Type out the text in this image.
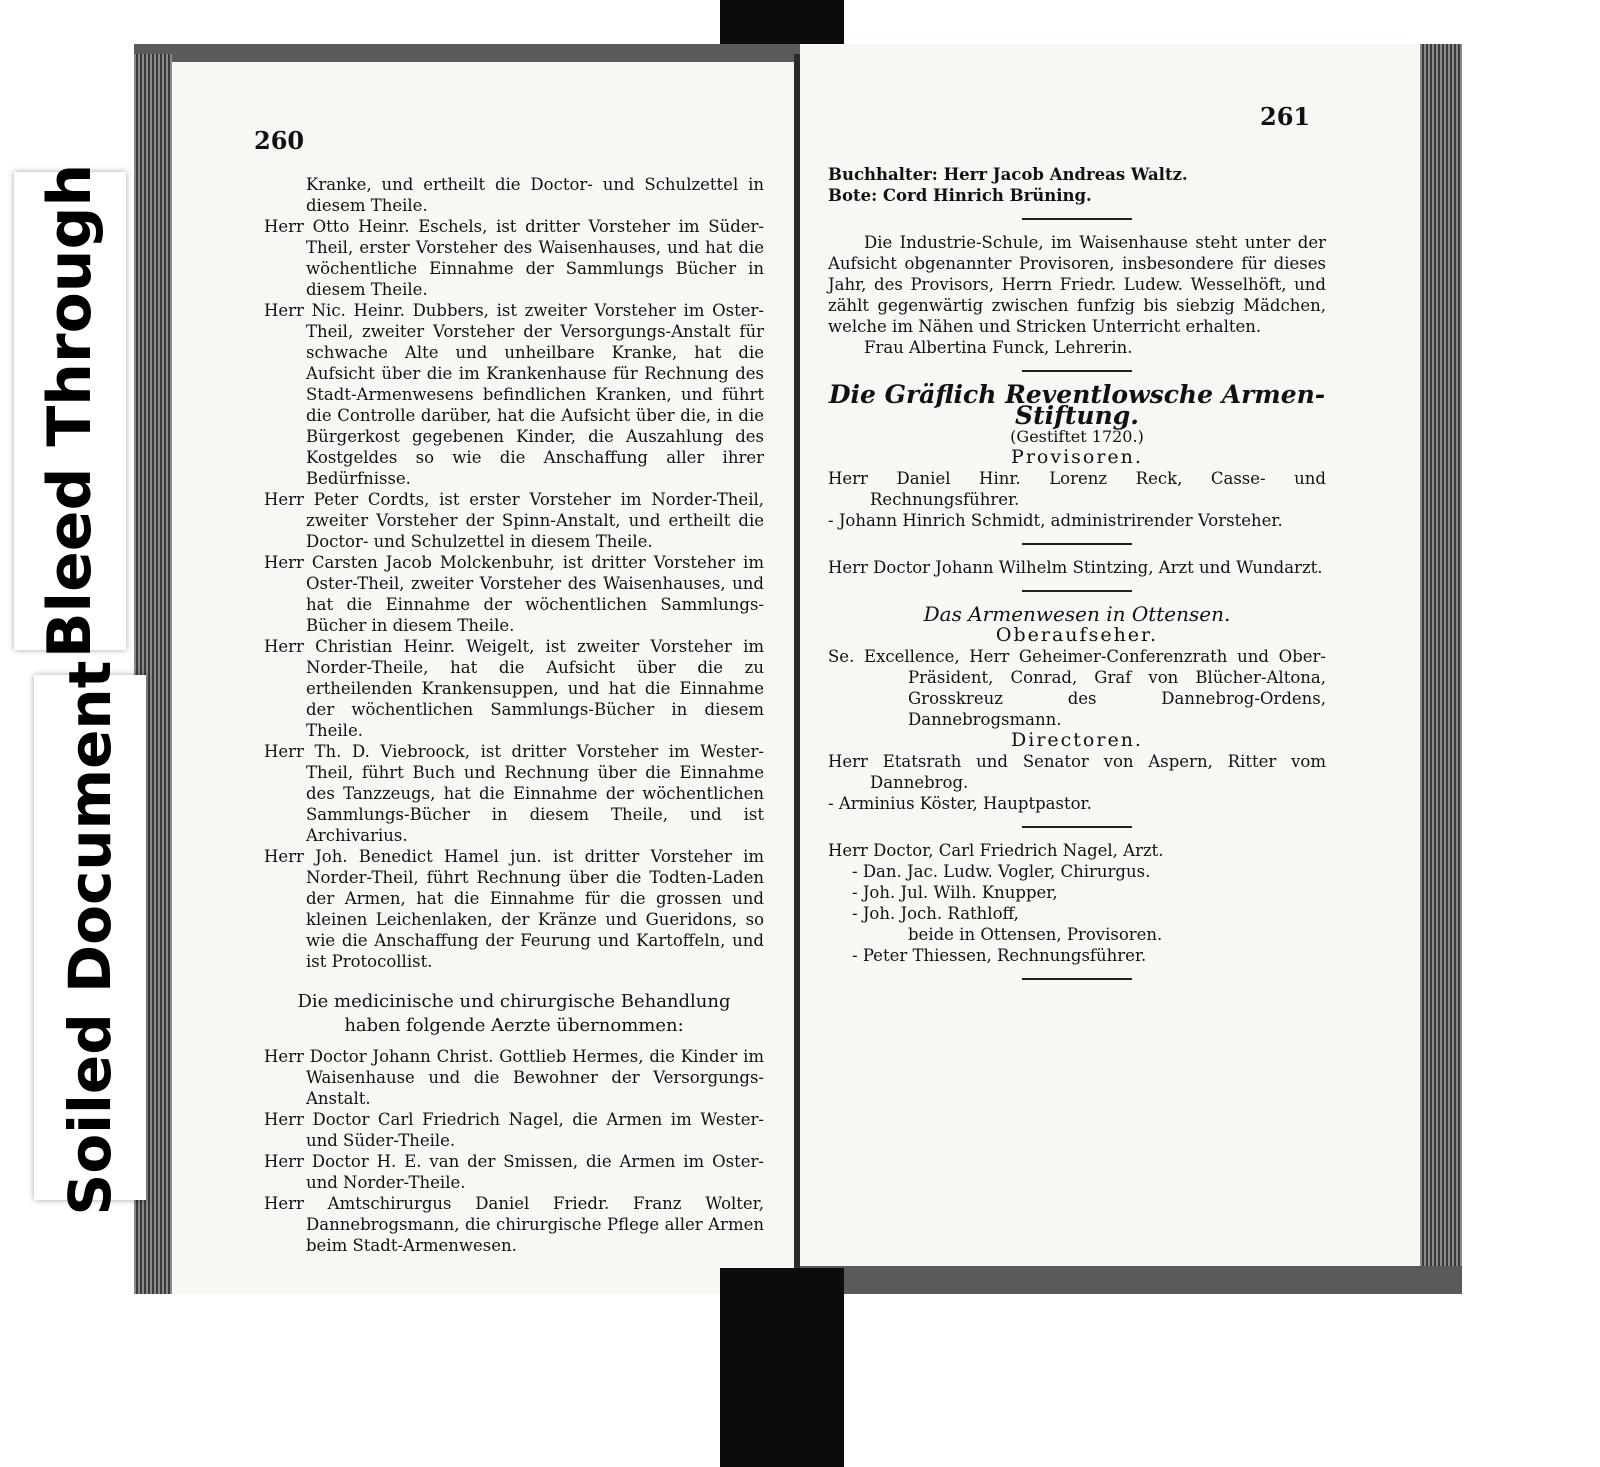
260

Kranke, und ertheilt die Doctor- und Schulzettel in diesem Theile.

Herr Otto Heinr. Eschels, ist dritter Vorsteher im Süder-Theil, erster Vorsteher des Waisenhauses, und hat die wöchentliche Einnahme der Sammlungs Bücher in diesem Theile.

Herr Nic. Heinr. Dubbers, ist zweiter Vorsteher im Oster-Theil, zweiter Vorsteher der Versorgungs-Anstalt für schwache Alte und unheilbare Kranke, hat die Aufsicht über die im Krankenhause für Rechnung des Stadt-Armenwesens befindlichen Kranken, und führt die Controlle darüber, hat die Aufsicht über die, in die Bürgerkost gegebenen Kinder, die Auszahlung des Kostgeldes so wie die Anschaffung aller ihrer Bedürfnisse.

Herr Peter Cordts, ist erster Vorsteher im Norder-Theil, zweiter Vorsteher der Spinn-Anstalt, und ertheilt die Doctor- und Schulzettel in diesem Theile.

Herr Carsten Jacob Molckenbuhr, ist dritter Vorsteher im Oster-Theil, zweiter Vorsteher des Waisenhauses, und hat die Einnahme der wöchentlichen Sammlungs-Bücher in diesem Theile.

Herr Christian Heinr. Weigelt, ist zweiter Vorsteher im Norder-Theile, hat die Aufsicht über die zu ertheilenden Krankensuppen, und hat die Einnahme der wöchentlichen Sammlungs-Bücher in diesem Theile.

Herr Th. D. Viebroock, ist dritter Vorsteher im Wester-Theil, führt Buch und Rechnung über die Einnahme des Tanzzeugs, hat die Einnahme der wöchentlichen Sammlungs-Bücher in diesem Theile, und ist Archivarius.

Herr Joh. Benedict Hamel jun. ist dritter Vorsteher im Norder-Theil, führt Rechnung über die Todten-Laden der Armen, hat die Einnahme für die grossen und kleinen Leichenlaken, der Kränze und Gueridons, so wie die Anschaffung der Feurung und Kartoffeln, und ist Protocollist.

Die medicinische und chirurgische Behandlung haben folgende Aerzte übernommen:

Herr Doctor Johann Christ. Gottlieb Hermes, die Kinder im Waisenhause und die Bewohner der Versorgungs-Anstalt.

Herr Doctor Carl Friedrich Nagel, die Armen im Wester- und Süder-Theile.

Herr Doctor H. E. van der Smissen, die Armen im Oster- und Norder-Theile.

Herr Amtschirurgus Daniel Friedr. Franz Wolter, Dannebrogsmann, die chirurgische Pflege aller Armen beim Stadt-Armenwesen.

261

Buchhalter: Herr Jacob Andreas Waltz.

Bote: Cord Hinrich Brüning.

Die Industrie-Schule, im Waisenhause steht unter der Aufsicht obgenannter Provisoren, insbesondere für dieses Jahr, des Provisors, Herrn Friedr. Ludew. Wesselhöft, und zählt gegenwärtig zwischen funfzig bis siebzig Mädchen, welche im Nähen und Stricken Unterricht erhalten.

Frau Albertina Funck, Lehrerin.

Die Gräflich Reventlowsche Armen-Stiftung.

(Gestiftet 1720.)

Provisoren.

Herr Daniel Hinr. Lorenz Reck, Casse- und Rechnungsführer.

- Johann Hinrich Schmidt, administrirender Vorsteher.

Herr Doctor Johann Wilhelm Stintzing, Arzt und Wundarzt.

Das Armenwesen in Ottensen.

Oberaufseher.

Se. Excellence, Herr Geheimer-Conferenzrath und Ober-Präsident, Conrad, Graf von Blücher-Altona, Grosskreuz des Dannebrog-Ordens, Dannebrogsmann.

Directoren.

Herr Etatsrath und Senator von Aspern, Ritter vom Dannebrog.

- Arminius Köster, Hauptpastor.

Herr Doctor, Carl Friedrich Nagel, Arzt.

- Dan. Jac. Ludw. Vogler, Chirurgus.

- Joh. Jul. Wilh. Knupper,

- Joh. Joch. Rathloff,

beide in Ottensen, Provisoren.

- Peter Thiessen, Rechnungsführer.

Bleed Through
Soiled Document
